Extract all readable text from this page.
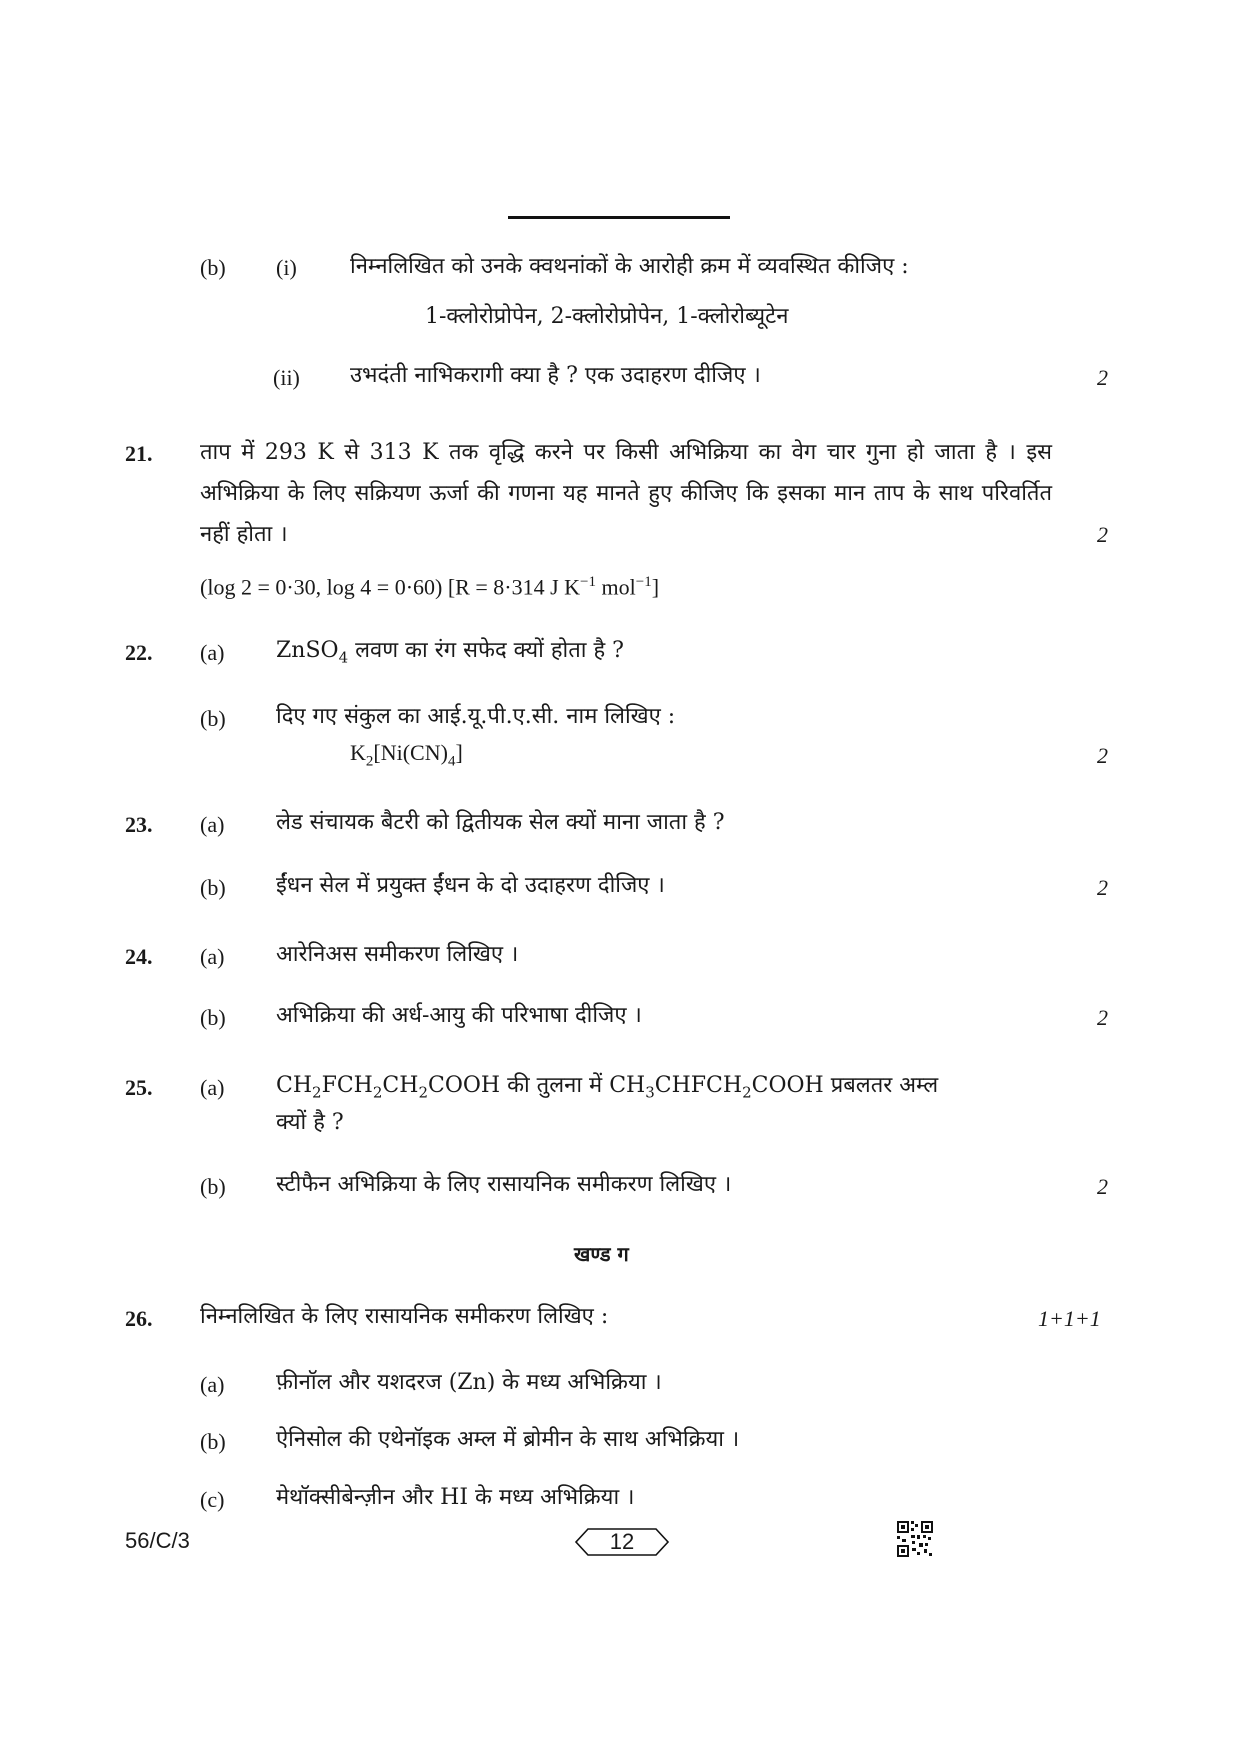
(b) (i) निम्नलिखित को उनके क्वथनांकों के आरोही क्रम में व्यवस्थित कीजिए :
1-क्लोरोप्रोपेन, 2-क्लोरोप्रोपेन, 1-क्लोरोब्यूटेन
(ii) उभदंती नाभिकरागी क्या है ? एक उदाहरण दीजिए ।	2
21. ताप में 293 K से 313 K तक वृद्धि करने पर किसी अभिक्रिया का वेग चार गुना हो जाता है । इस अभिक्रिया के लिए सक्रियण ऊर्जा की गणना यह मानते हुए कीजिए कि इसका मान ताप के साथ परिवर्तित नहीं होता ।	2
(log 2 = 0·30, log 4 = 0·60) [R = 8·314 J $K^{-1}$ mol$^{-1}$]
22. (a) ZnSO$_4$ लवण का रंग सफेद क्यों होता है ?
(b) दिए गए संकुल का आई.यू.पी.ए.सी. नाम लिखिए :
$K_2[Ni(CN)_4]$	2
23. (a) लेड संचायक बैटरी को द्वितीयक सेल क्यों माना जाता है ?
(b) ईंधन सेल में प्रयुक्त ईंधन के दो उदाहरण दीजिए ।	2
24. (a) आरेनिअस समीकरण लिखिए ।
(b) अभिक्रिया की अर्ध-आयु की परिभाषा दीजिए ।	2
25. (a) $CH_2FCH_2CH_2COOH$ की तुलना में $CH_3CHFCH_2COOH$ प्रबलतर अम्ल
क्यों है ?
(b) स्टीफैन अभिक्रिया के लिए रासायनिक समीकरण लिखिए ।	2
खण्ड ग
26. निम्नलिखित के लिए रासायनिक समीकरण लिखिए :	1+1+1
(a) फ़ीनॉल और यशदरज (Zn) के मध्य अभिक्रिया ।
(b) ऐनिसोल की एथेनॉइक अम्ल में ब्रोमीन के साथ अभिक्रिया ।
(c) मेथॉक्सीबेन्ज़ीन और HI के मध्य अभिक्रिया ।
56/C/3	12
